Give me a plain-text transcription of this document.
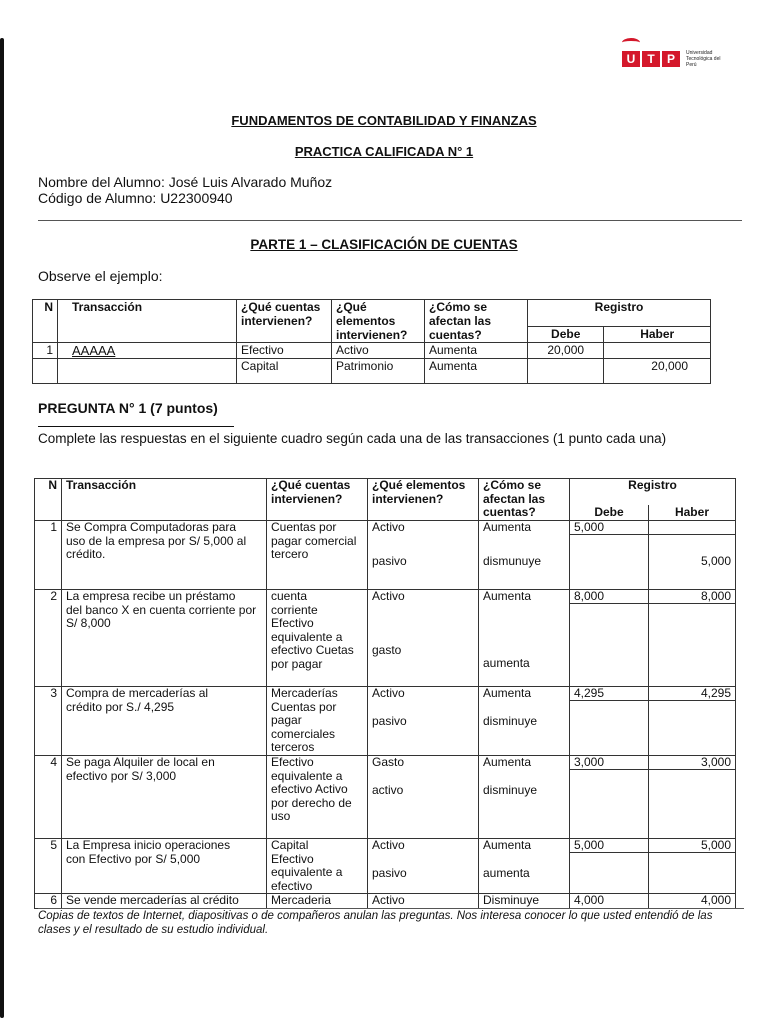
U	T	P	Universidad Tecnológica del Perú
FUNDAMENTOS DE CONTABILIDAD Y FINANZAS
PRACTICA CALIFICADA N° 1
Nombre del Alumno: José Luis Alvarado Muñoz
Código de Alumno: U22300940
PARTE 1 – CLASIFICACIÓN DE CUENTAS
Observe el ejemplo:
N	Transacción	¿Qué cuentas intervienen?	¿Qué elementos intervienen?	¿Cómo se afectan las cuentas?	Registro	
					Debe	Haber
1	AAAAA	Efectivo	Activo	Aumenta	20,000	
		Capital	Patrimonio	Aumenta		20,000
PREGUNTA N° 1 (7 puntos)
Complete las respuestas en el siguiente cuadro según cada una de las transacciones (1 punto cada una)
N	Transacción	¿Qué cuentas intervienen?	¿Qué elementos intervienen?	¿Cómo se afectan las cuentas?	Registro	
					Debe	Haber
1	Se Compra Computadoras para	Cuentas por	Activo	Aumenta	5,000	
	uso de la empresa por S/ 5,000 al crédito.	pagar comercial tercero	pasivo	dismunuye		5,000
2	La empresa recibe un préstamo	cuenta	Activo	Aumenta	8,000	8,000
	del banco X en cuenta corriente por S/ 8,000	corriente Efectivo equivalente a efectivo Cuetas por pagar	gasto	aumenta		
3	Compra de mercaderías al	Mercaderías	Activo	Aumenta	4,295	4,295
	crédito por S./ 4,295	Cuentas por pagar comerciales terceros	pasivo	disminuye		
4	Se paga Alquiler de local en	Efectivo	Gasto	Aumenta	3,000	3,000
	efectivo por S/ 3,000	equivalente a efectivo Activo por derecho de uso	activo	disminuye		
5	La Empresa inicio operaciones	Capital	Activo	Aumenta	5,000	5,000
	con Efectivo por S/ 5,000	Efectivo equivalente a efectivo	pasivo	aumenta		
6	Se vende mercaderías al crédito	Mercaderia	Activo	Disminuye	4,000	4,000
Copias de textos de Internet, diapositivas o de compañeros anulan las preguntas. Nos interesa conocer lo que usted entendió de las clases y el resultado de su estudio individual.
